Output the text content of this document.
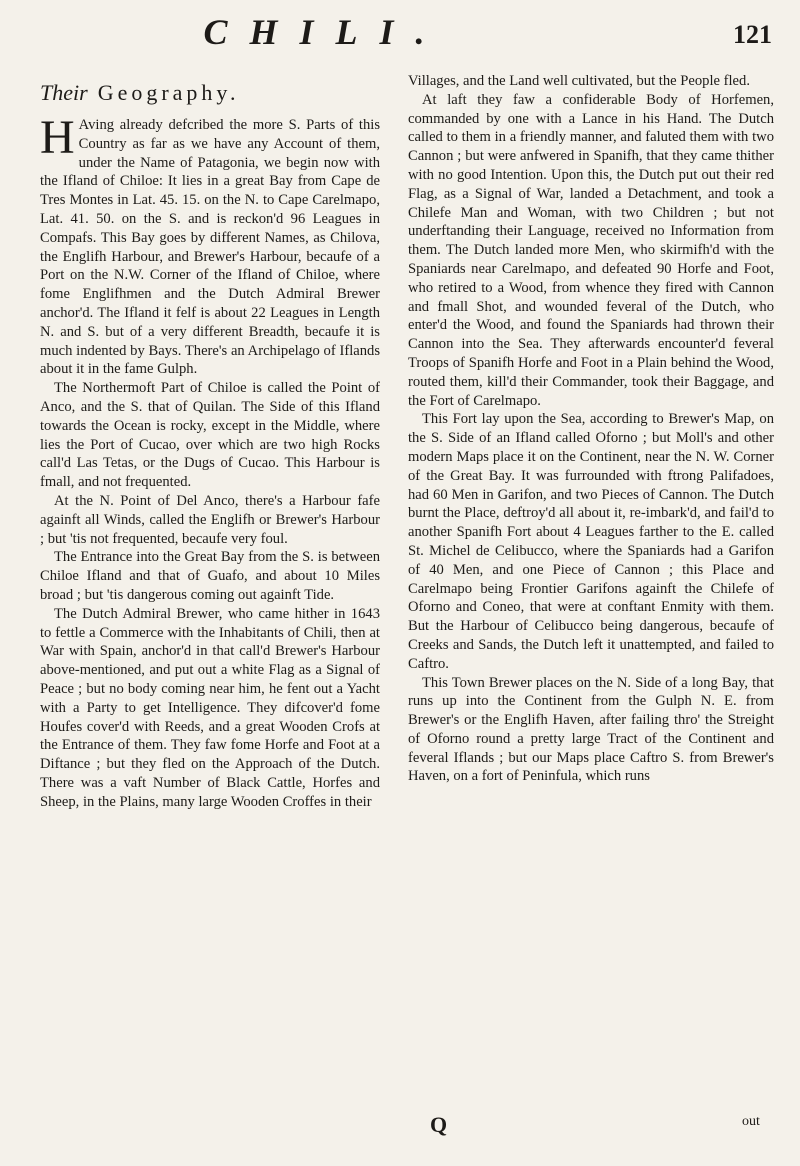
CHILI.	121
Their Geography.

H Aving already defcribed the more S. Parts of this Country as far as we have any Account of them, under the Name of Patagonia, we begin now with the Ifland of Chiloe: It lies in a great Bay from Cape de Tres Montes in Lat. 45. 15. on the N. to Cape Carelmapo, Lat. 41. 50. on the S. and is reckon'd 96 Leagues in Compafs. This Bay goes by different Names, as Chilova, the Englifh Harbour, and Brewer's Harbour, becaufe of a Port on the N.W. Corner of the Ifland of Chiloe, where fome Englifhmen and the Dutch Admiral Brewer anchor'd. The Ifland it felf is about 22 Leagues in Length N. and S. but of a very different Breadth, becaufe it is much indented by Bays. There's an Archipelago of Iflands about it in the fame Gulph.

The Northermoft Part of Chiloe is called the Point of Anco, and the S. that of Quilan. The Side of this Ifland towards the Ocean is rocky, except in the Middle, where lies the Port of Cucao, over which are two high Rocks call'd Las Tetas, or the Dugs of Cucao. This Harbour is fmall, and not frequented.

At the N. Point of Del Anco, there's a Harbour fafe againft all Winds, called the Englifh or Brewer's Harbour ; but 'tis not frequented, becaufe very foul.

The Entrance into the Great Bay from the S. is between Chiloe Ifland and that of Guafo, and about 10 Miles broad ; but 'tis dangerous coming out againft Tide.

The Dutch Admiral Brewer, who came hither in 1643 to fettle a Commerce with the Inhabitants of Chili, then at War with Spain, anchor'd in that call'd Brewer's Harbour above-mentioned, and put out a white Flag as a Signal of Peace ; but no body coming near him, he fent out a Yacht with a Party to get Intelligence. They difcover'd fome Houfes cover'd with Reeds, and a great Wooden Crofs at the Entrance of them. They faw fome Horfe and Foot at a Diftance ; but they fled on the Approach of the Dutch. There was a vaft Number of Black Cattle, Horfes and Sheep, in the Plains, many large Wooden Croffes in their

Villages, and the Land well cultivated, but the People fled.

At laft they faw a confiderable Body of Horfemen, commanded by one with a Lance in his Hand. The Dutch called to them in a friendly manner, and faluted them with two Cannon ; but were anfwered in Spanifh, that they came thither with no good Intention. Upon this, the Dutch put out their red Flag, as a Signal of War, landed a Detachment, and took a Chilefe Man and Woman, with two Children ; but not underftanding their Language, received no Information from them. The Dutch landed more Men, who skirmifh'd with the Spaniards near Carelmapo, and defeated 90 Horfe and Foot, who retired to a Wood, from whence they fired with Cannon and fmall Shot, and wounded feveral of the Dutch, who enter'd the Wood, and found the Spaniards had thrown their Cannon into the Sea. They afterwards encounter'd feveral Troops of Spanifh Horfe and Foot in a Plain behind the Wood, routed them, kill'd their Commander, took their Baggage, and the Fort of Carelmapo.

This Fort lay upon the Sea, according to Brewer's Map, on the S. Side of an Ifland called Oforno ; but Moll's and other modern Maps place it on the Continent, near the N. W. Corner of the Great Bay. It was furrounded with ftrong Palifadoes, had 60 Men in Garifon, and two Pieces of Cannon. The Dutch burnt the Place, deftroy'd all about it, re-imbark'd, and fail'd to another Spanifh Fort about 4 Leagues farther to the E. called St. Michel de Celibucco, where the Spaniards had a Garifon of 40 Men, and one Piece of Cannon ; this Place and Carelmapo being Frontier Garifons againft the Chilefe of Oforno and Coneo, that were at conftant Enmity with them. But the Harbour of Celibucco being dangerous, becaufe of Creeks and Sands, the Dutch left it unattempted, and failed to Caftro.

This Town Brewer places on the N. Side of a long Bay, that runs up into the Continent from the Gulph N. E. from Brewer's or the Englifh Haven, after failing thro' the Streight of Oforno round a pretty large Tract of the Continent and feveral Iflands ; but our Maps place Caftro S. from Brewer's Haven, on a fort of Peninfula, which runs

Q	out
